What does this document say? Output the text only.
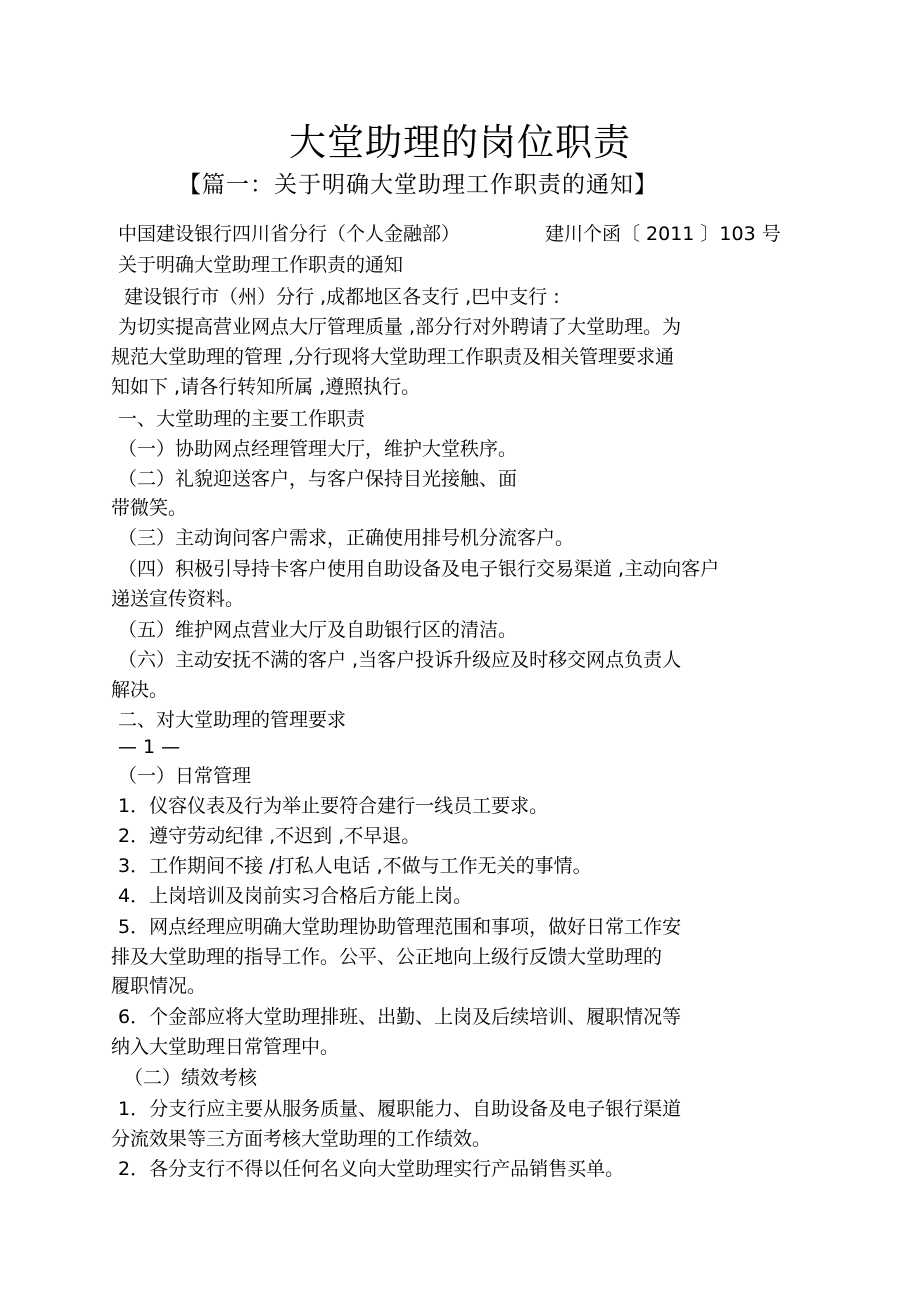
大堂助理的岗位职责
【篇一：关于明确大堂助理工作职责的通知】
中国建设银行四川省分行（个人金融部）	建川个函〔 2011 〕103 号
关于明确大堂助理工作职责的通知
建设银行市（州）分行 ,成都地区各支行 ,巴中支行 :
为切实提高营业网点大厅管理质量 ,部分行对外聘请了大堂助理。为
规范大堂助理的管理 ,分行现将大堂助理工作职责及相关管理要求通
知如下 ,请各行转知所属 ,遵照执行。
一、大堂助理的主要工作职责
（一）协助网点经理管理大厅，维护大堂秩序。
（二）礼貌迎送客户，与客户保持目光接触、面
带微笑。
（三）主动询问客户需求，正确使用排号机分流客户。
（四）积极引导持卡客户使用自助设备及电子银行交易渠道 ,主动向客户
递送宣传资料。
（五）维护网点营业大厅及自助银行区的清洁。
（六）主动安抚不满的客户 ,当客户投诉升级应及时移交网点负责人
解决。
二、对大堂助理的管理要求
— 1 —
（一）日常管理
1．仪容仪表及行为举止要符合建行一线员工要求。
2．遵守劳动纪律 ,不迟到 ,不早退。
3．工作期间不接 /打私人电话 ,不做与工作无关的事情。
4．上岗培训及岗前实习合格后方能上岗。
5．网点经理应明确大堂助理协助管理范围和事项，做好日常工作安
排及大堂助理的指导工作。公平、公正地向上级行反馈大堂助理的
履职情况。
6．个金部应将大堂助理排班、出勤、上岗及后续培训、履职情况等
纳入大堂助理日常管理中。
（二）绩效考核
1．分支行应主要从服务质量、履职能力、自助设备及电子银行渠道
分流效果等三方面考核大堂助理的工作绩效。
2．各分支行不得以任何名义向大堂助理实行产品销售买单。
